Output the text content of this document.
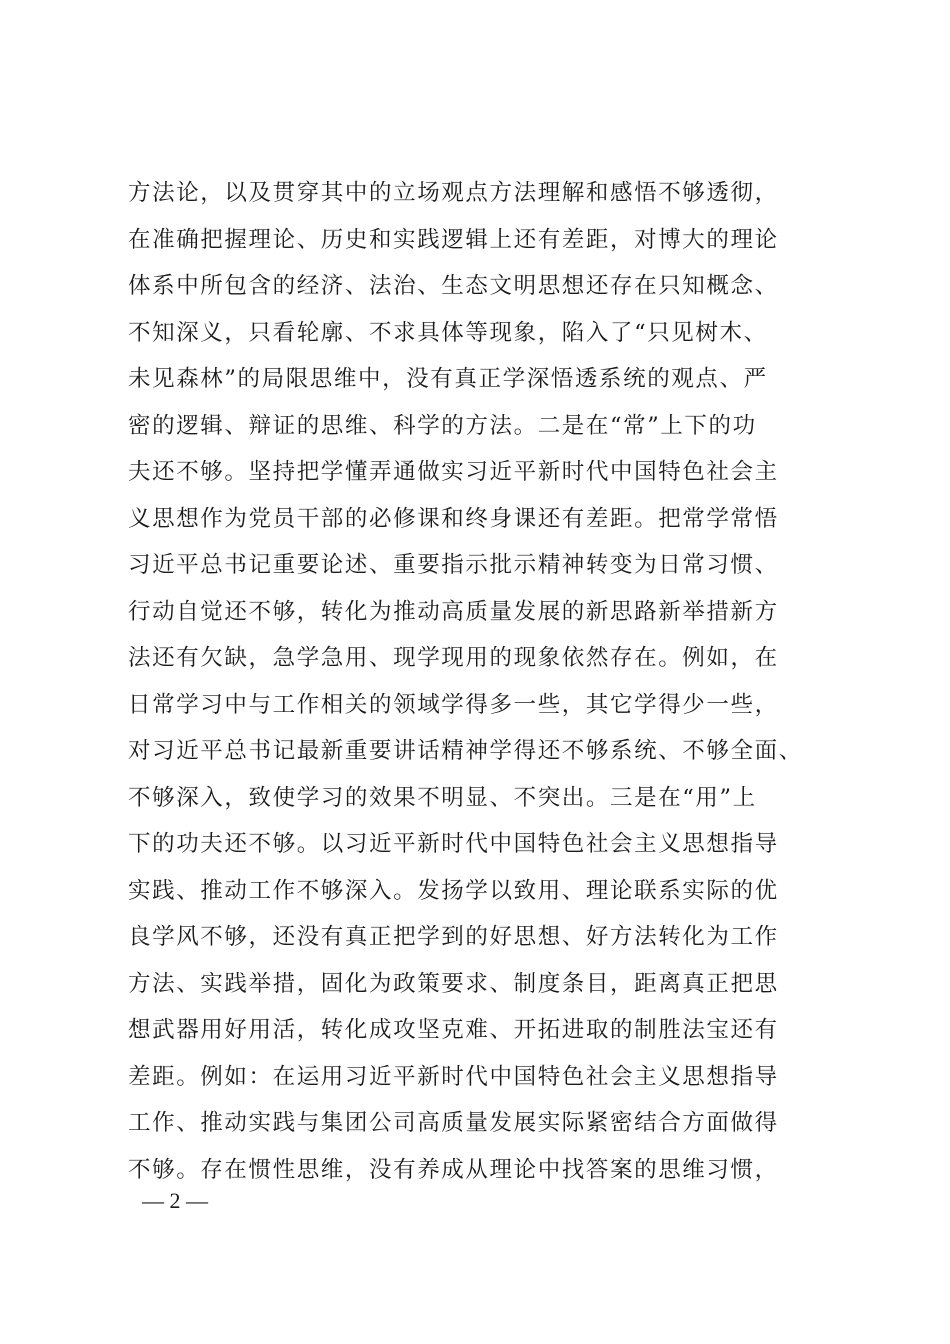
方法论，以及贯穿其中的立场观点方法理解和感悟不够透彻，
在准确把握理论、历史和实践逻辑上还有差距，对博大的理论
体系中所包含的经济、法治、生态文明思想还存在只知概念、
不知深义，只看轮廓、不求具体等现象，陷入了“只见树木、
未见森林”的局限思维中，没有真正学深悟透系统的观点、严
密的逻辑、辩证的思维、科学的方法。二是在“常”上下的功
夫还不够。坚持把学懂弄通做实习近平新时代中国特色社会主
义思想作为党员干部的必修课和终身课还有差距。把常学常悟
习近平总书记重要论述、重要指示批示精神转变为日常习惯、
行动自觉还不够，转化为推动高质量发展的新思路新举措新方
法还有欠缺，急学急用、现学现用的现象依然存在。例如，在
日常学习中与工作相关的领域学得多一些，其它学得少一些，
对习近平总书记最新重要讲话精神学得还不够系统、不够全面、
不够深入，致使学习的效果不明显、不突出。三是在“用”上
下的功夫还不够。以习近平新时代中国特色社会主义思想指导
实践、推动工作不够深入。发扬学以致用、理论联系实际的优
良学风不够，还没有真正把学到的好思想、好方法转化为工作
方法、实践举措，固化为政策要求、制度条目，距离真正把思
想武器用好用活，转化成攻坚克难、开拓进取的制胜法宝还有
差距。例如：在运用习近平新时代中国特色社会主义思想指导
工作、推动实践与集团公司高质量发展实际紧密结合方面做得
不够。存在惯性思维，没有养成从理论中找答案的思维习惯，
— 2 —
